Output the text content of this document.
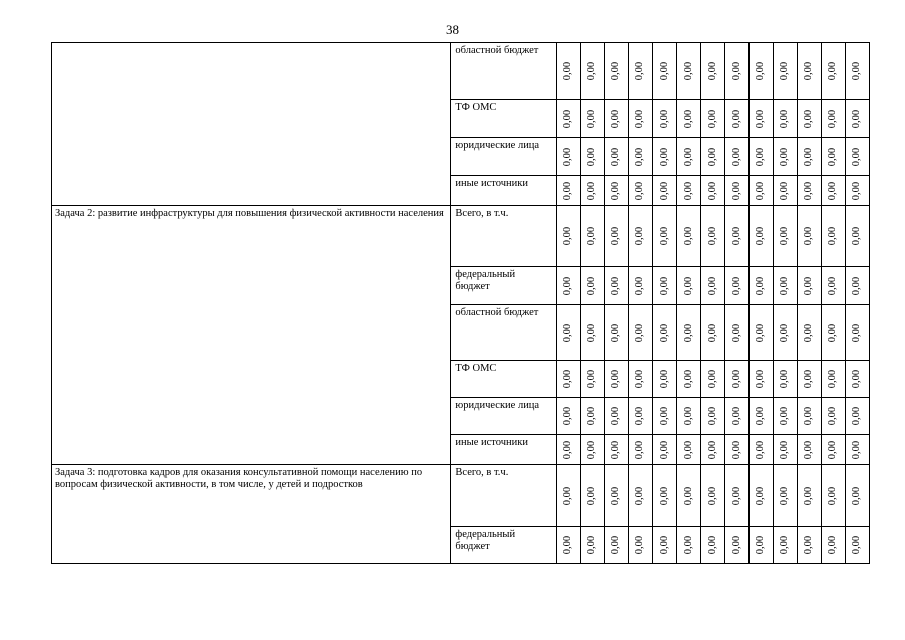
38
	областной бюджет	0,00	0,00	0,00	0,00	0,00	0,00	0,00	0,00	0,00	0,00	0,00	0,00	0,00

	ТФ ОМС	0,00	0,00	0,00	0,00	0,00	0,00	0,00	0,00	0,00	0,00	0,00	0,00	0,00

	юридические лица	0,00	0,00	0,00	0,00	0,00	0,00	0,00	0,00	0,00	0,00	0,00	0,00	0,00

	иные источники	0,00	0,00	0,00	0,00	0,00	0,00	0,00	0,00	0,00	0,00	0,00	0,00	0,00

Задача 2: развитие инфраструктуры для повышения физической активности населения	Всего, в т.ч.	0,00	0,00	0,00	0,00	0,00	0,00	0,00	0,00	0,00	0,00	0,00	0,00	0,00

	федеральный бюджет	0,00	0,00	0,00	0,00	0,00	0,00	0,00	0,00	0,00	0,00	0,00	0,00	0,00

	областной бюджет	0,00	0,00	0,00	0,00	0,00	0,00	0,00	0,00	0,00	0,00	0,00	0,00	0,00

	ТФ ОМС	0,00	0,00	0,00	0,00	0,00	0,00	0,00	0,00	0,00	0,00	0,00	0,00	0,00

	юридические лица	0,00	0,00	0,00	0,00	0,00	0,00	0,00	0,00	0,00	0,00	0,00	0,00	0,00

	иные источники	0,00	0,00	0,00	0,00	0,00	0,00	0,00	0,00	0,00	0,00	0,00	0,00	0,00

Задача 3: подготовка кадров для оказания консультативной помощи населению по вопросам физической активности, в том числе, у детей и подростков	Всего, в т.ч.	0,00	0,00	0,00	0,00	0,00	0,00	0,00	0,00	0,00	0,00	0,00	0,00	0,00

	федеральный бюджет	0,00	0,00	0,00	0,00	0,00	0,00	0,00	0,00	0,00	0,00	0,00	0,00	0,00
